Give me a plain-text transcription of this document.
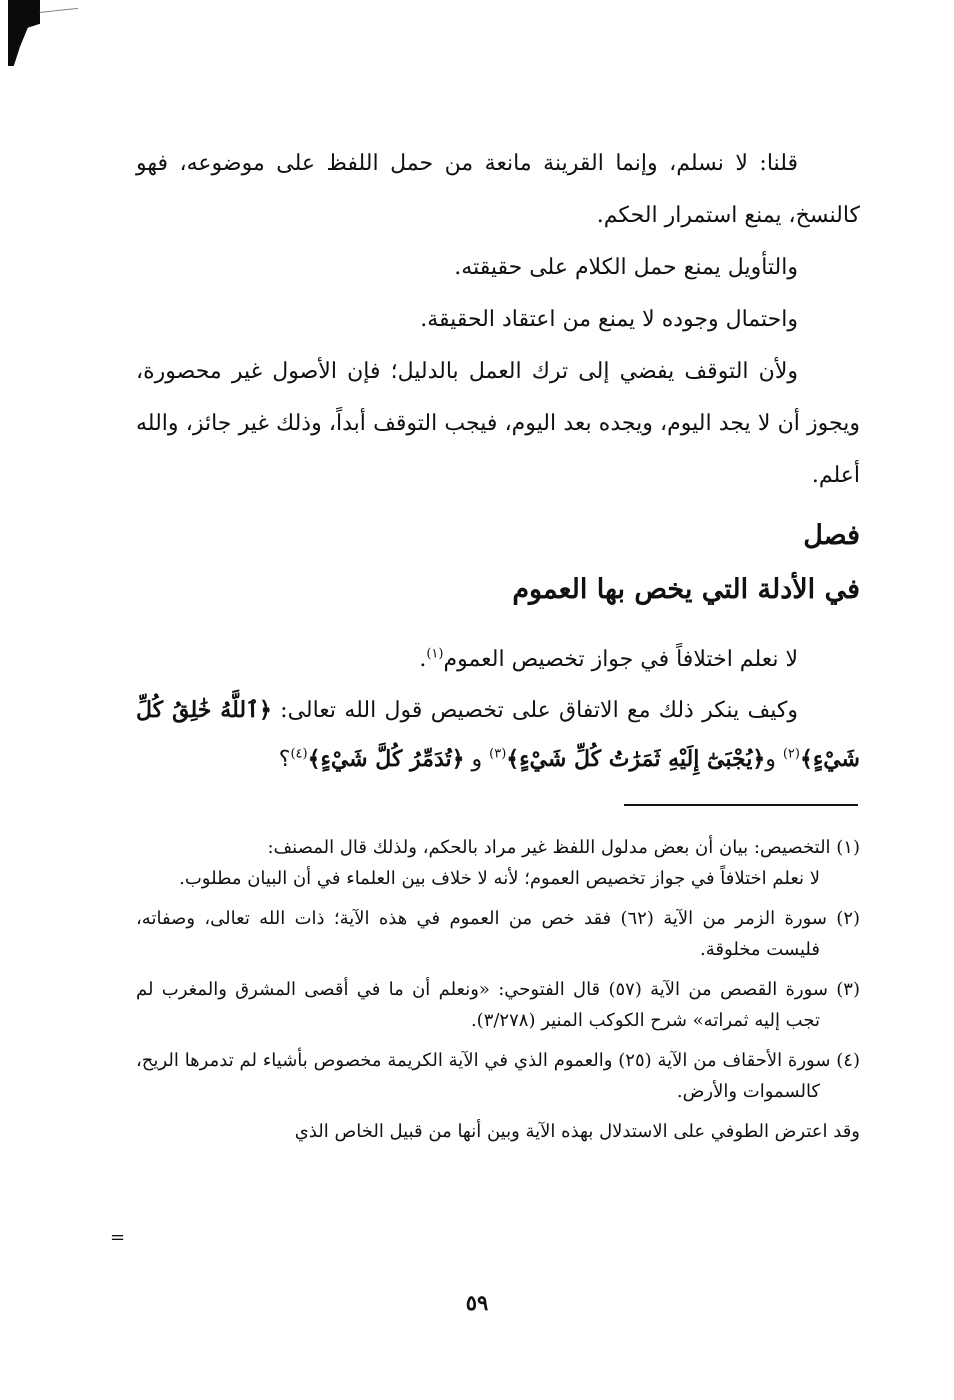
قلنا: لا نسلم، وإنما القرينة مانعة من حمل اللفظ على موضوعه، فهو كالنسخ، يمنع استمرار الحكم.

والتأويل يمنع حمل الكلام على حقيقته.

واحتمال وجوده لا يمنع من اعتقاد الحقيقة.

ولأن التوقف يفضي إلى ترك العمل بالدليل؛ فإن الأصول غير محصورة، ويجوز أن لا يجد اليوم، ويجده بعد اليوم، فيجب التوقف أبداً، وذلك غير جائز، والله أعلم.

فصل
في الأدلة التي يخص بها العموم

لا نعلم اختلافاً في جواز تخصيص العموم$^{(١)}$.

وكيف ينكر ذلك مع الاتفاق على تخصيص قول الله تعالى: ﴿ٱللَّهُ خَٰلِقُ كُلِّ شَيْءٍ﴾$^{(٢)}$ و﴿يُجْبَىٰٓ إِلَيْهِ ثَمَرَٰتُ كُلِّ شَيْءٍ﴾$^{(٣)}$ و ﴿تُدَمِّرُ كُلَّ شَيْءٍ﴾$^{(٤)}$؟

(١) التخصيص: بيان أن بعض مدلول اللفظ غير مراد بالحكم، ولذلك قال المصنف:
لا نعلم اختلافاً في جواز تخصيص العموم؛ لأنه لا خلاف بين العلماء في أن البيان مطلوب.

(٢) سورة الزمر من الآية (٦٢) فقد خص من العموم في هذه الآية؛ ذات الله تعالى، وصفاته، فليست مخلوقة.

(٣) سورة القصص من الآية (٥٧) قال الفتوحي: «ونعلم أن ما في أقصى المشرق والمغرب لم تجب إليه ثمراته» شرح الكوكب المنير (٣/٢٧٨).

(٤) سورة الأحقاف من الآية (٢٥) والعموم الذي في الآية الكريمة مخصوص بأشياء لم تدمرها الريح، كالسموات والأرض.

وقد اعترض الطوفي على الاستدلال بهذه الآية وبين أنها من قبيل الخاص الذي

=
٥٩
